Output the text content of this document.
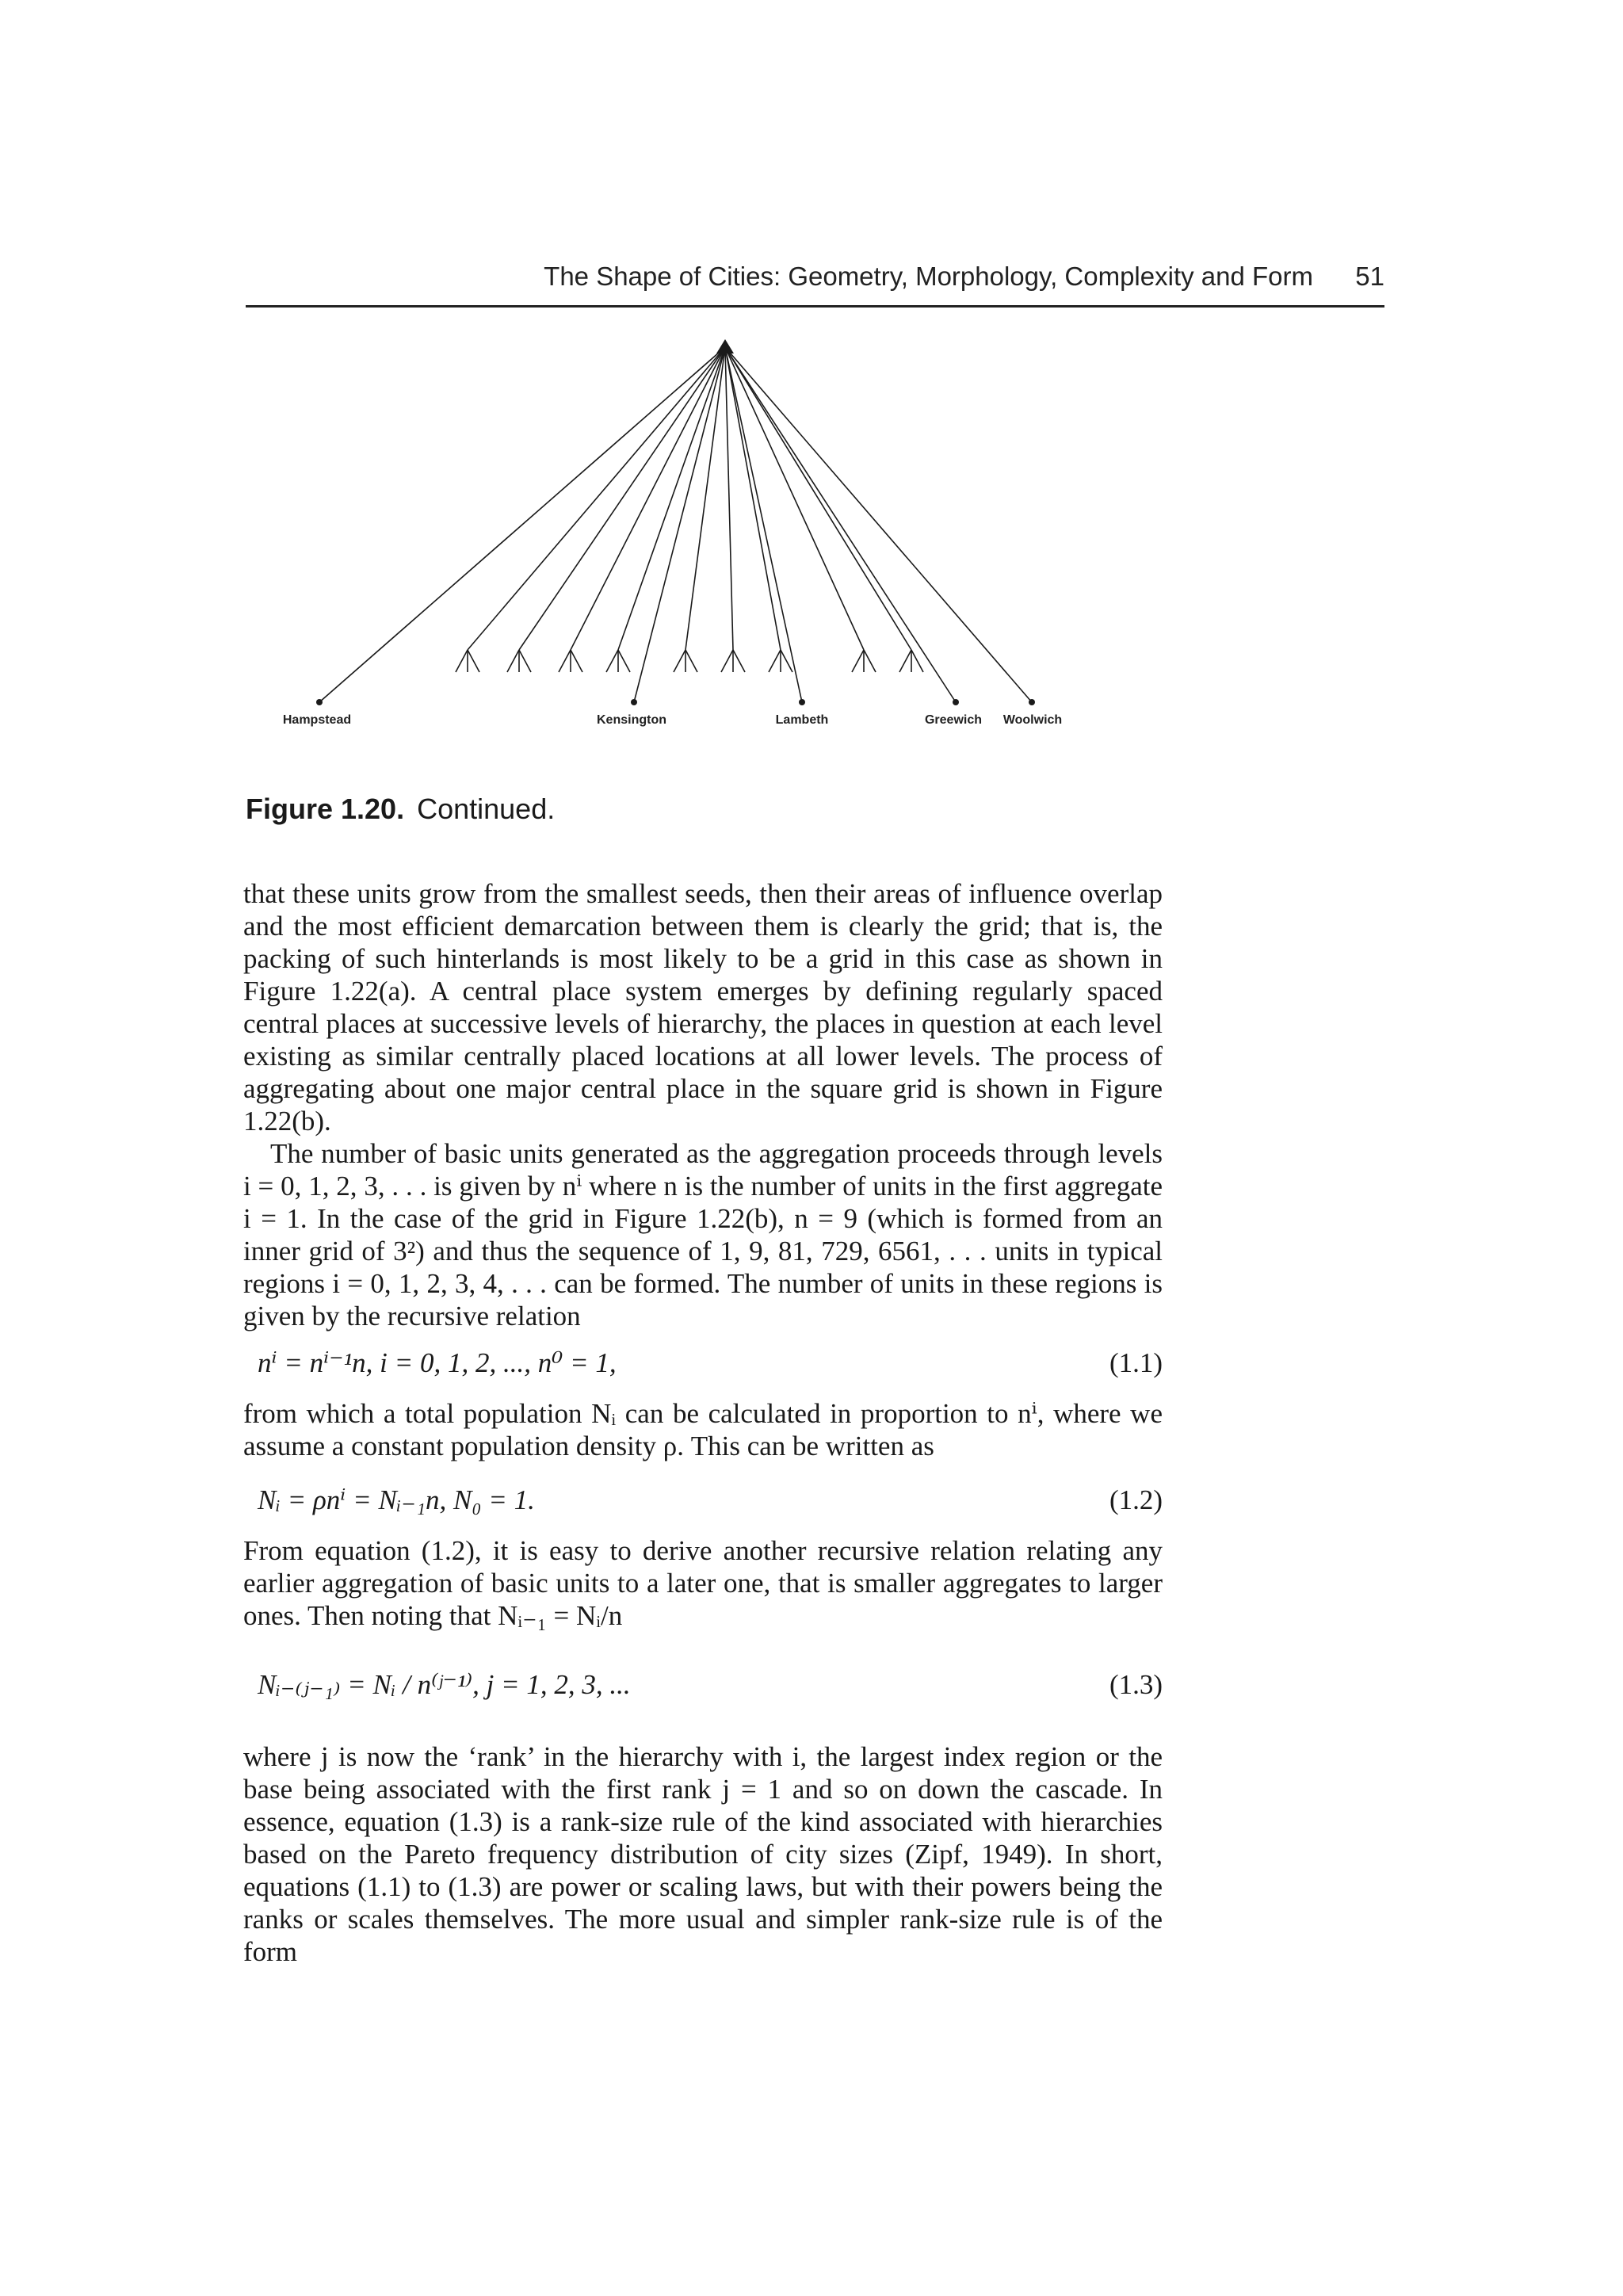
The Shape of Cities: Geometry, Morphology, Complexity and Form 51
Hampstead	Kensington	Lambeth	Greewich Woolwich
Figure 1.20. Continued.

that these units grow from the smallest seeds, then their areas of influence overlap and the most efficient demarcation between them is clearly the grid; that is, the packing of such hinterlands is most likely to be a grid in this case as shown in Figure 1.22(a). A central place system emerges by defining regularly spaced central places at successive levels of hierarchy, the places in question at each level existing as similar centrally placed locations at all lower levels. The process of aggregating about one major central place in the square grid is shown in Figure 1.22(b).

The number of basic units generated as the aggregation proceeds through levels i = 0, 1, 2, 3, . . . is given by nⁱ where n is the number of units in the first aggregate i = 1. In the case of the grid in Figure 1.22(b), n = 9 (which is formed from an inner grid of 3²) and thus the sequence of 1, 9, 81, 729, 6561, . . . units in typical regions i = 0, 1, 2, 3, 4, . . . can be formed. The number of units in these regions is given by the recursive relation

nⁱ = nⁱ⁻¹n, i = 0, 1, 2, ..., n⁰ = 1,	(1.1)

from which a total population Nᵢ can be calculated in proportion to nⁱ, where we assume a constant population density ρ. This can be written as

Nᵢ = ρnⁱ = Nᵢ₋₁n, N₀ = 1.	(1.2)

From equation (1.2), it is easy to derive another recursive relation relating any earlier aggregation of basic units to a later one, that is smaller aggregates to larger ones. Then noting that Nᵢ₋₁ = Nᵢ/n

Nᵢ₋₍ⱼ₋₁₎ = Nᵢ / n⁽ʲ⁻¹⁾, j = 1, 2, 3, ...	(1.3)

where j is now the ‘rank’ in the hierarchy with i, the largest index region or the base being associated with the first rank j = 1 and so on down the cascade. In essence, equation (1.3) is a rank-size rule of the kind associated with hierarchies based on the Pareto frequency distribution of city sizes (Zipf, 1949). In short, equations (1.1) to (1.3) are power or scaling laws, but with their powers being the ranks or scales themselves. The more usual and simpler rank-size rule is of the form
